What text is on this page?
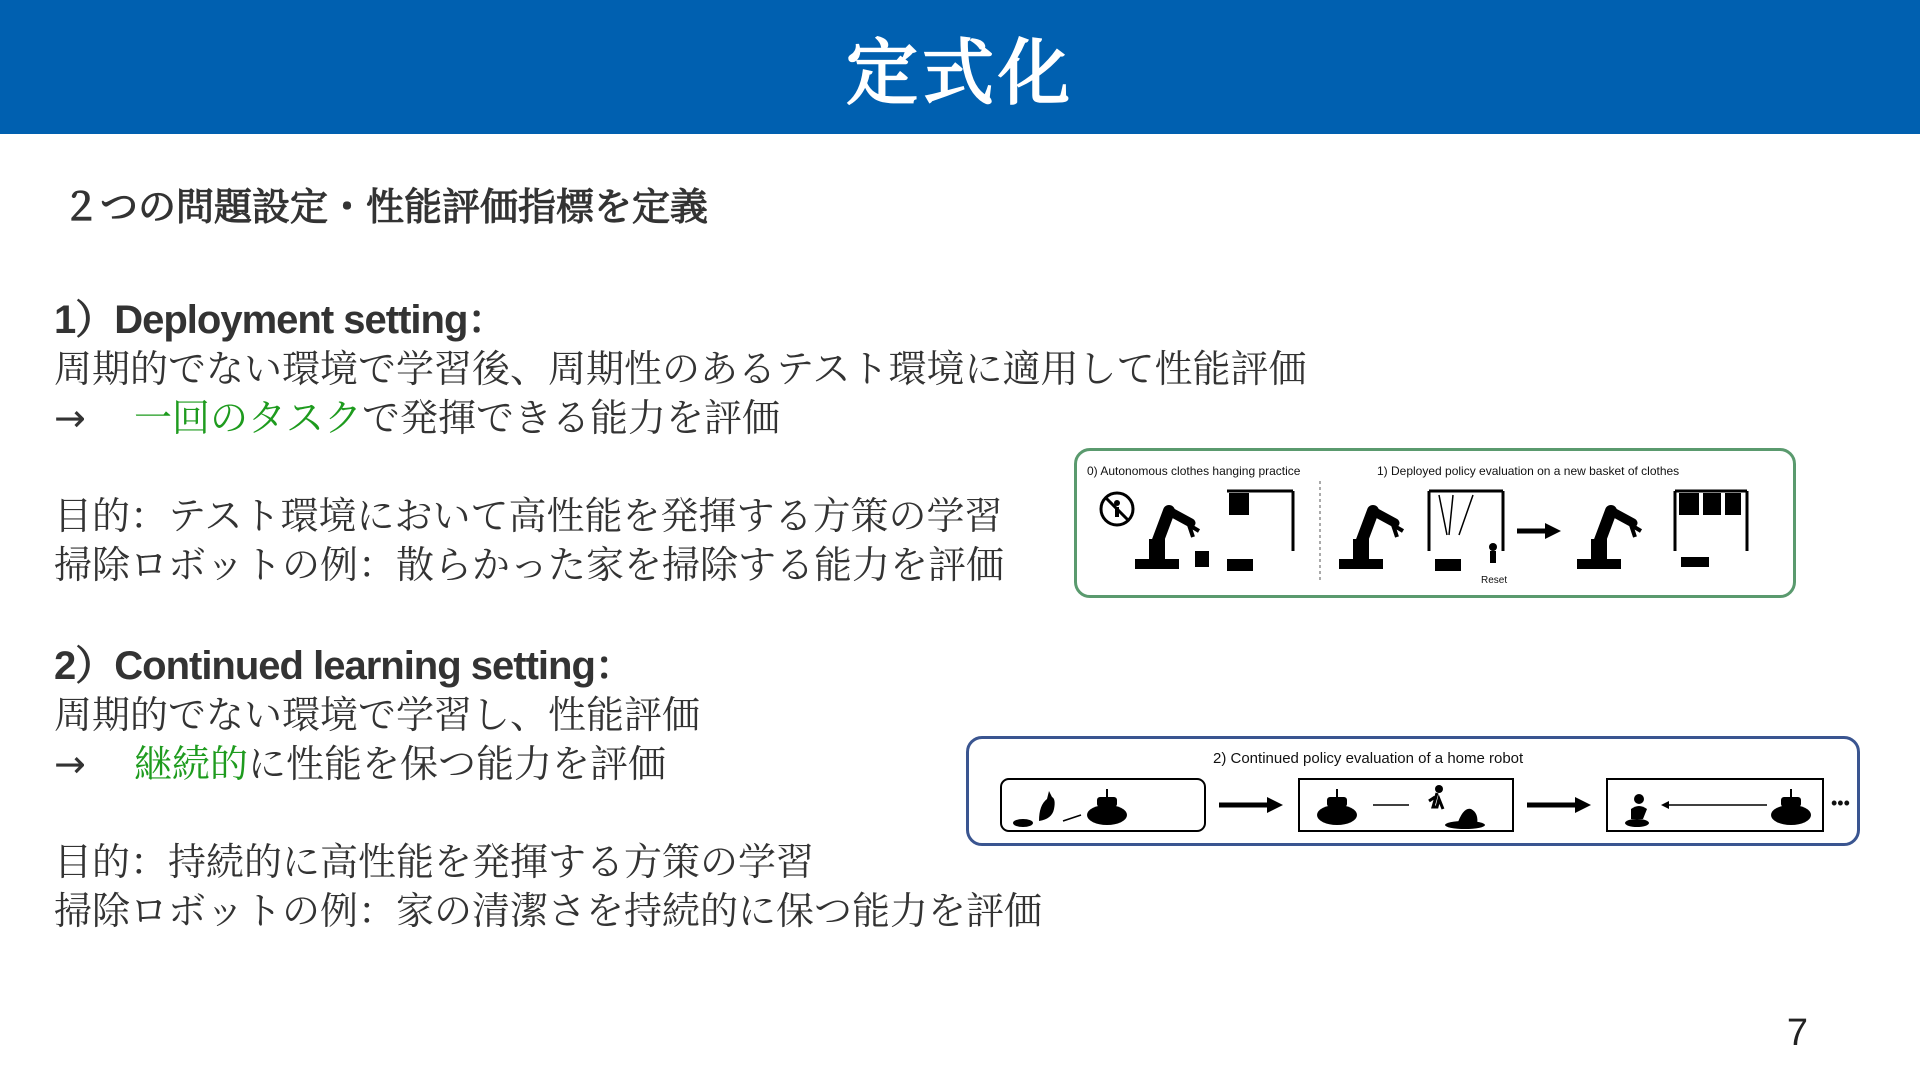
定式化
２つの問題設定・性能評価指標を定義
1）Deployment setting：
周期的でない環境で学習後、周期性のあるテスト環境に適用して性能評価
→ 一回のタスクで発揮できる能力を評価
目的：テスト環境において高性能を発揮する方策の学習
掃除ロボットの例：散らかった家を掃除する能力を評価
2）Continued learning setting：
周期的でない環境で学習し、性能評価
→ 継続的に性能を保つ能力を評価
目的：持続的に高性能を発揮する方策の学習
掃除ロボットの例：家の清潔さを持続的に保つ能力を評価
0) Autonomous clothes hanging practice	1) Deployed policy evaluation on a new basket of clothes
Reset
2) Continued policy evaluation of a home robot
•••
7
